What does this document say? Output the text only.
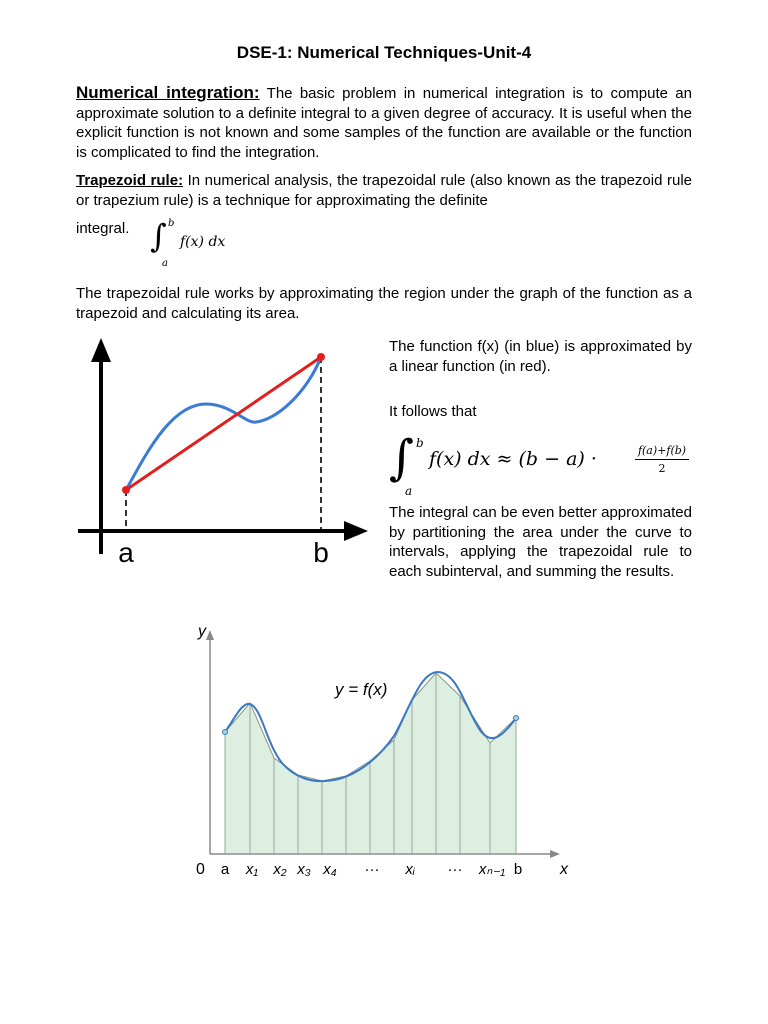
DSE-1: Numerical Techniques-Unit-4
Numerical integration: The basic problem in numerical integration is to compute an approximate solution to a definite integral to a given degree of accuracy. It is useful when the explicit function is not known and some samples of the function are available or the function is complicated to find the integration.
Trapezoid rule: In numerical analysis, the trapezoidal rule (also known as the trapezoid rule or trapezium rule) is a technique for approximating the definite
integral. ∫ b
a
f(x) dx
The trapezoidal rule works by approximating the region under the graph of the function as a trapezoid and calculating its area.
a	b
The function f(x) (in blue) is approximated by a linear function (in red).
It follows that
∫ b
a
f(x) dx ≈ (b − a) ·	$\frac{f(a)+f(b)}{2}$
The integral can be even better approximated by partitioning the area under the curve to intervals, applying the trapezoidal rule to each subinterval, and summing the results.
y
x
0
y = f(x)
a x₁ x₂ x₃ x₄ ··· xᵢ ··· xₙ₋₁ b
